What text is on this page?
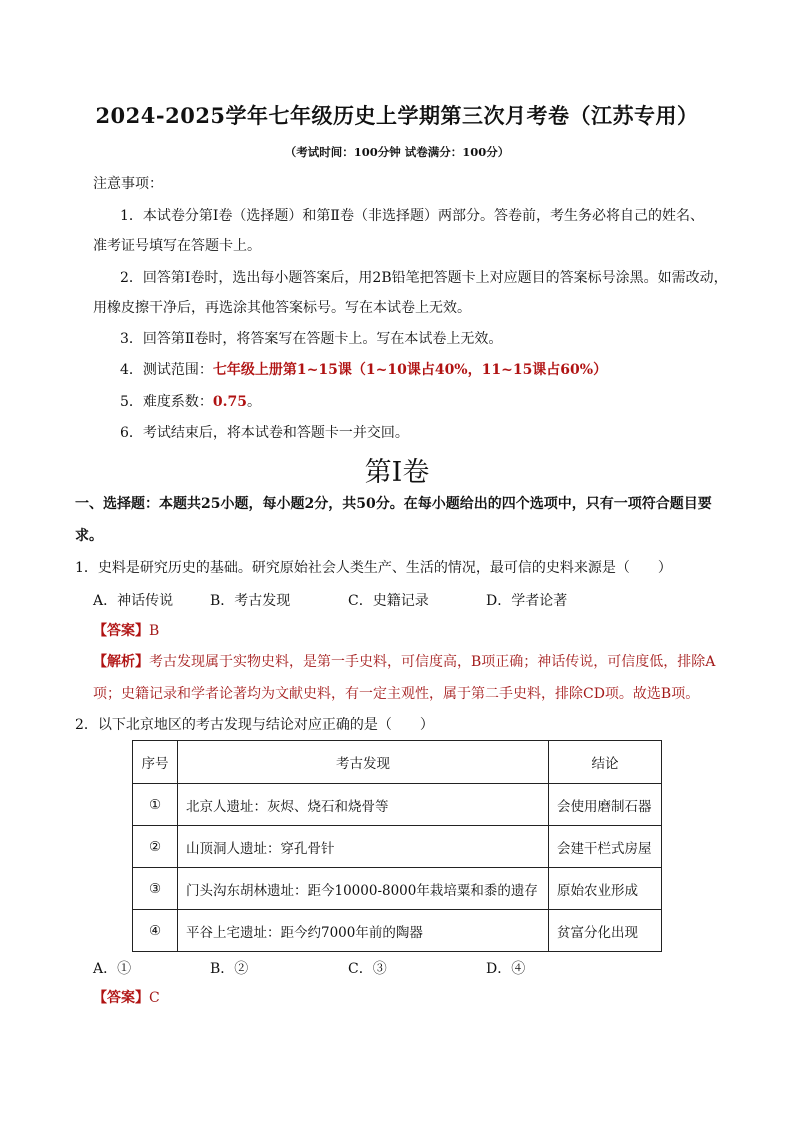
2024-2025学年七年级历史上学期第三次月考卷（江苏专用）
（考试时间：100分钟 试卷满分：100分）
注意事项：
1．本试卷分第Ⅰ卷（选择题）和第Ⅱ卷（非选择题）两部分。答卷前，考生务必将自己的姓名、
准考证号填写在答题卡上。
2．回答第Ⅰ卷时，选出每小题答案后，用2B铅笔把答题卡上对应题目的答案标号涂黑。如需改动，
用橡皮擦干净后，再选涂其他答案标号。写在本试卷上无效。
3．回答第Ⅱ卷时，将答案写在答题卡上。写在本试卷上无效。
4．测试范围：七年级上册第1~15课（1~10课占40%，11~15课占60%）
5．难度系数：0.75。
6．考试结束后，将本试卷和答题卡一并交回。
第Ⅰ卷
一、选择题：本题共25小题，每小题2分，共50分。在每小题给出的四个选项中，只有一项符合题目要
求。
1．史料是研究历史的基础。研究原始社会人类生产、生活的情况，最可信的史料来源是（　　）
A．神话传说	B．考古发现	C．史籍记录	D．学者论著
【答案】B
【解析】考古发现属于实物史料，是第一手史料，可信度高，B项正确；神话传说，可信度低，排除A
项；史籍记录和学者论著均为文献史料，有一定主观性，属于第二手史料，排除CD项。故选B项。
2．以下北京地区的考古发现与结论对应正确的是（　　）
序号	考古发现	结论
①	北京人遗址：灰烬、烧石和烧骨等	会使用磨制石器
②	山顶洞人遗址：穿孔骨针	会建干栏式房屋
③	门头沟东胡林遗址：距今10000-8000年栽培粟和黍的遗存	原始农业形成
④	平谷上宅遗址：距今约7000年前的陶器	贫富分化出现
A．①	B．②	C．③	D．④
【答案】C
